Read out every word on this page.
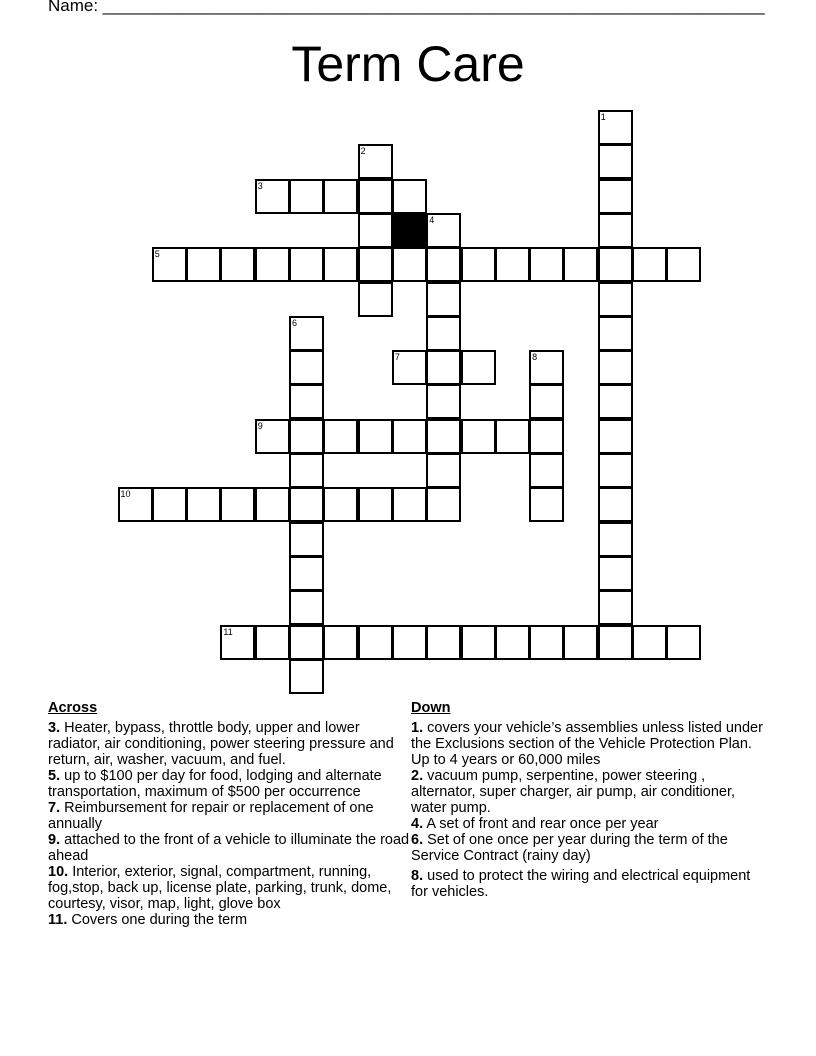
Name: ______________________________________________________________________
Term Care
1
2
3
4
5
6
7	8
9
10
11
Across
3. Heater, bypass, throttle body, upper and lower radiator, air conditioning, power steering pressure and return, air, washer, vacuum, and fuel.
5. up to $100 per day for food, lodging and alternate transportation, maximum of $500 per occurrence
7. Reimbursement for repair or replacement of one annually
9. attached to the front of a vehicle to illuminate the road ahead
10. Interior, exterior, signal, compartment, running, fog,stop, back up, license plate, parking, trunk, dome, courtesy, visor, map, light, glove box
11. Covers one during the term
Down
1. covers your vehicle’s assemblies unless listed under the Exclusions section of the Vehicle Protection Plan. Up to 4 years or 60,000 miles
2. vacuum pump, serpentine, power steering , alternator, super charger, air pump, air conditioner, water pump.
4. A set of front and rear once per year
6. Set of one once per year during the term of the Service Contract (rainy day)
8. used to protect the wiring and electrical equipment for vehicles.
